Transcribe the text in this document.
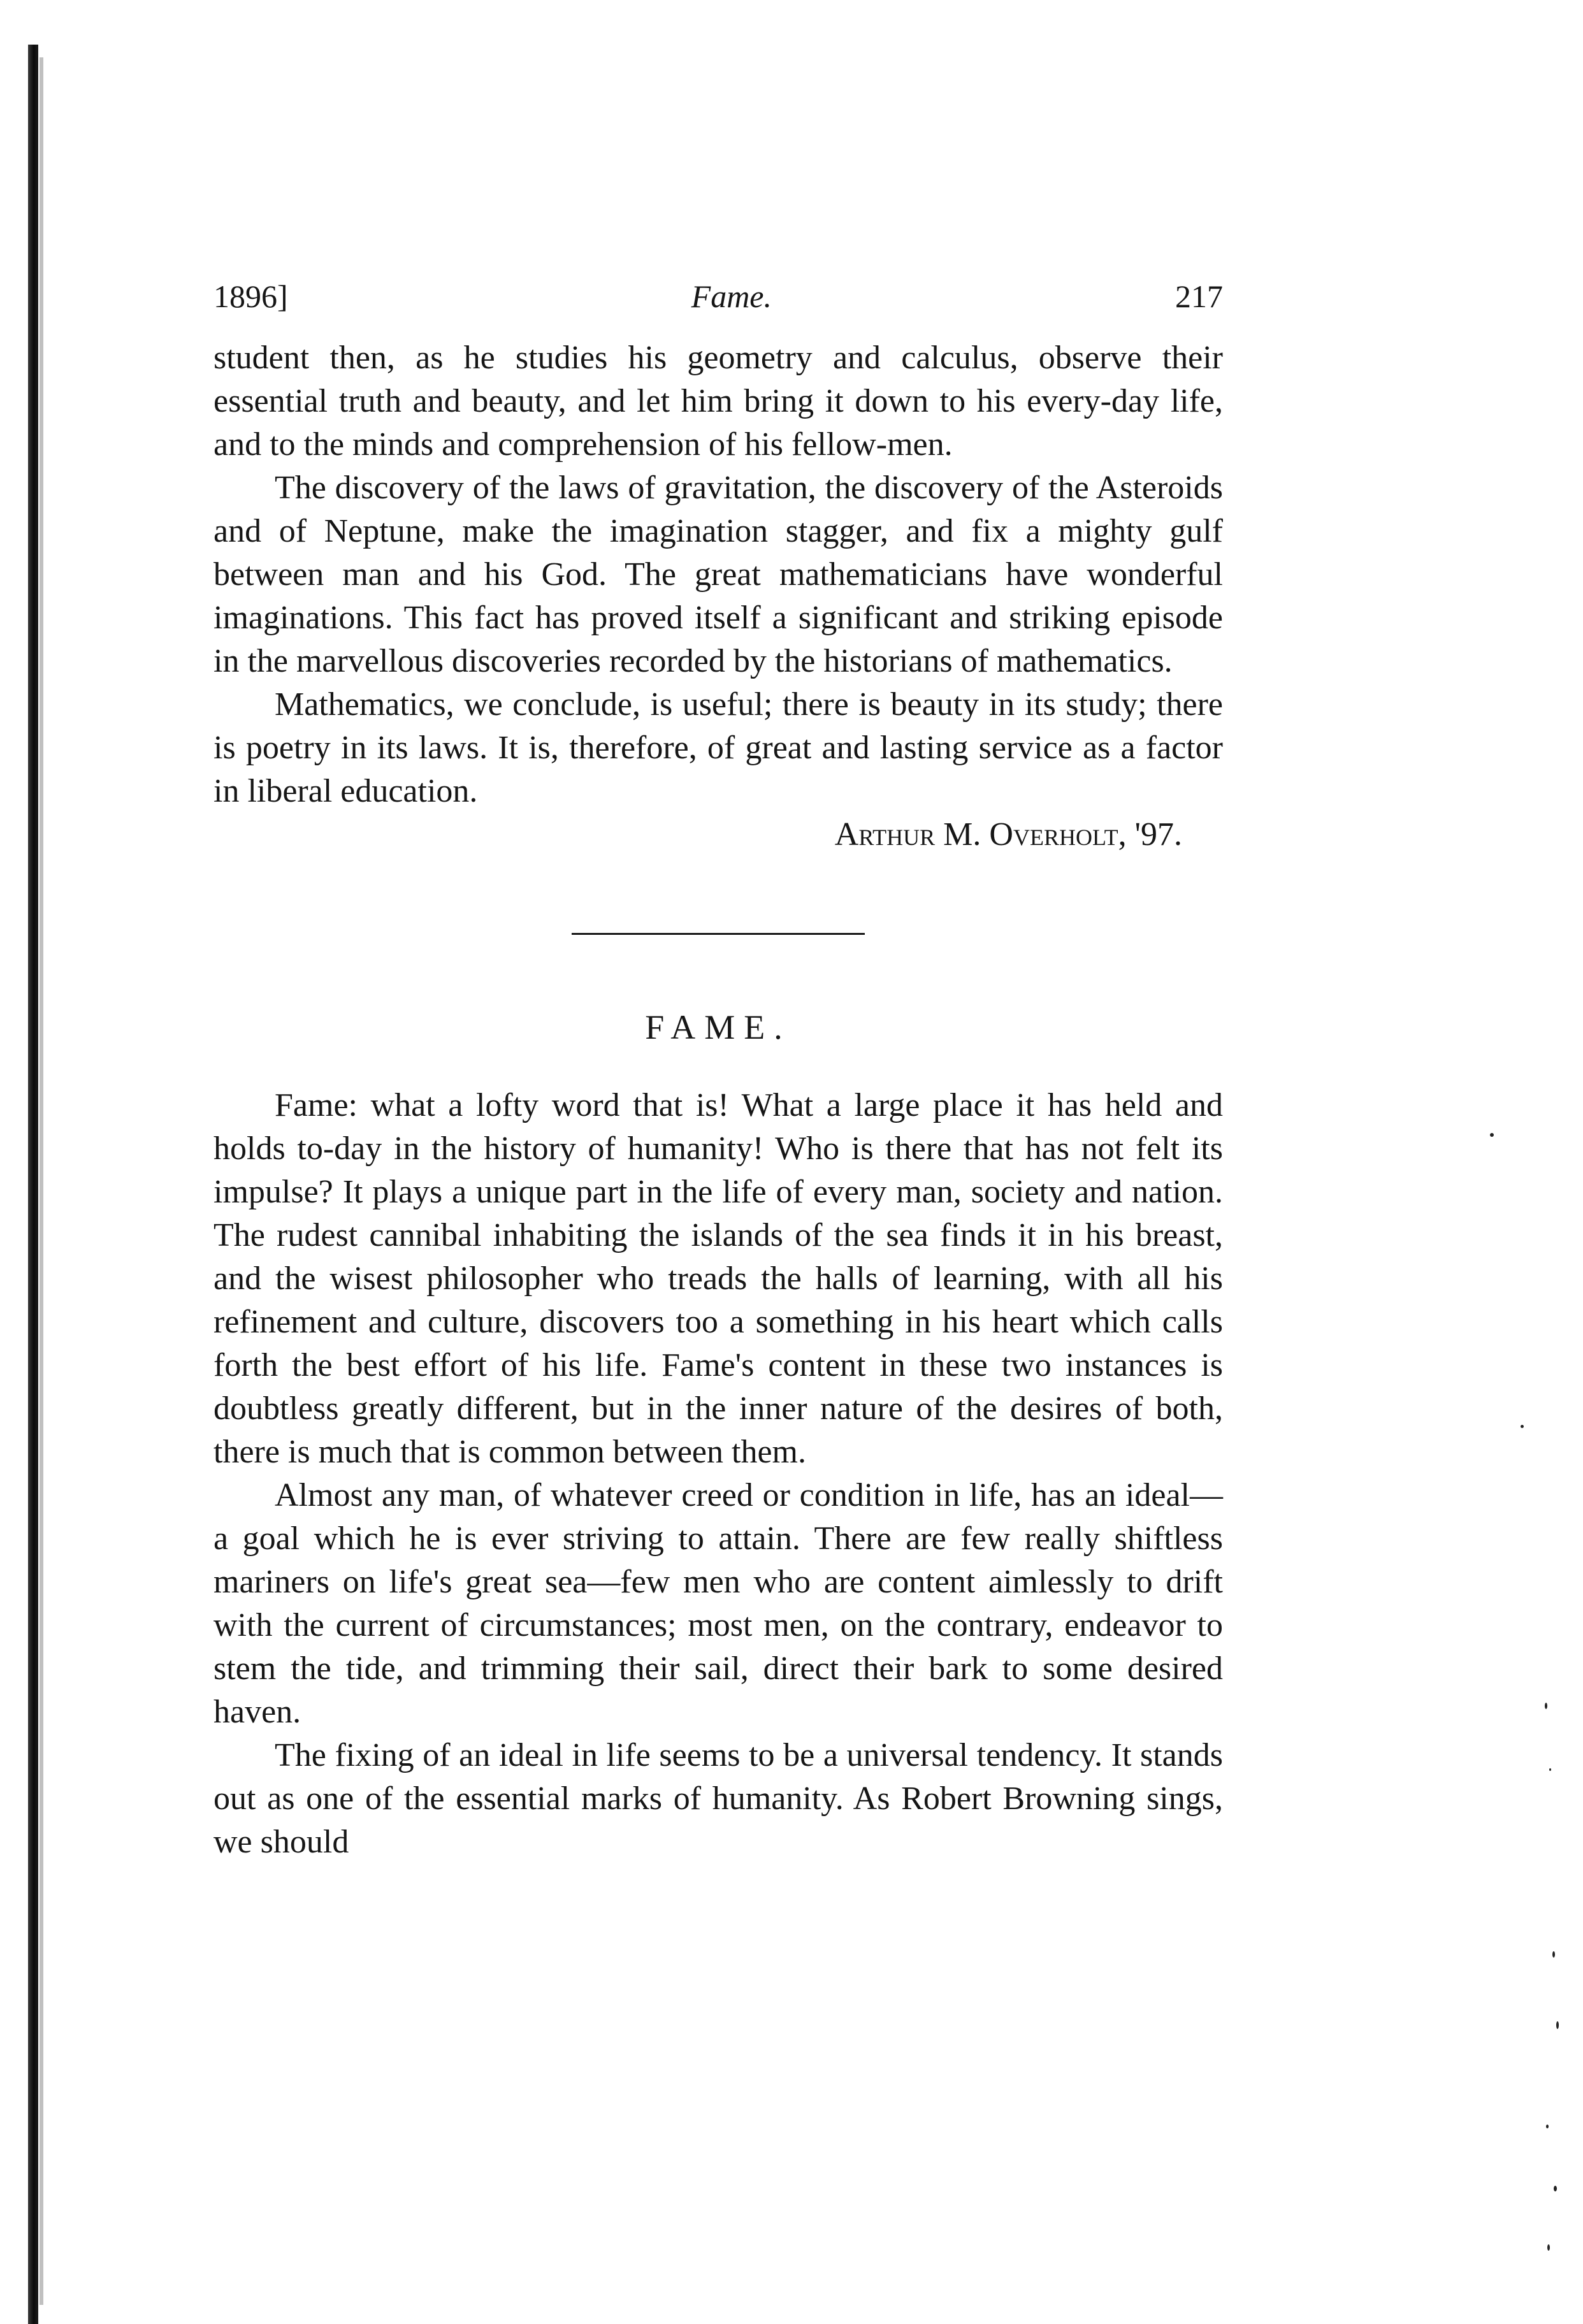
1896]	Fame.	217

student then, as he studies his geometry and calculus, observe their essential truth and beauty, and let him bring it down to his every-day life, and to the minds and comprehension of his fellow-men.

The discovery of the laws of gravitation, the discovery of the Asteroids and of Neptune, make the imagination stagger, and fix a mighty gulf between man and his God. The great mathematicians have wonderful imaginations. This fact has proved itself a significant and striking episode in the marvellous discoveries recorded by the historians of mathematics.

Mathematics, we conclude, is useful; there is beauty in its study; there is poetry in its laws. It is, therefore, of great and lasting service as a factor in liberal education.

Arthur M. Overholt, '97.
FAME.

Fame: what a lofty word that is! What a large place it has held and holds to-day in the history of humanity! Who is there that has not felt its impulse? It plays a unique part in the life of every man, society and nation. The rudest cannibal inhabiting the islands of the sea finds it in his breast, and the wisest philosopher who treads the halls of learning, with all his refinement and culture, discovers too a something in his heart which calls forth the best effort of his life. Fame's content in these two instances is doubtless greatly different, but in the inner nature of the desires of both, there is much that is common between them.

Almost any man, of whatever creed or condition in life, has an ideal—a goal which he is ever striving to attain. There are few really shiftless mariners on life's great sea—few men who are content aimlessly to drift with the current of circumstances; most men, on the contrary, endeavor to stem the tide, and trimming their sail, direct their bark to some desired haven.

The fixing of an ideal in life seems to be a universal tendency. It stands out as one of the essential marks of humanity. As Robert Browning sings, we should
